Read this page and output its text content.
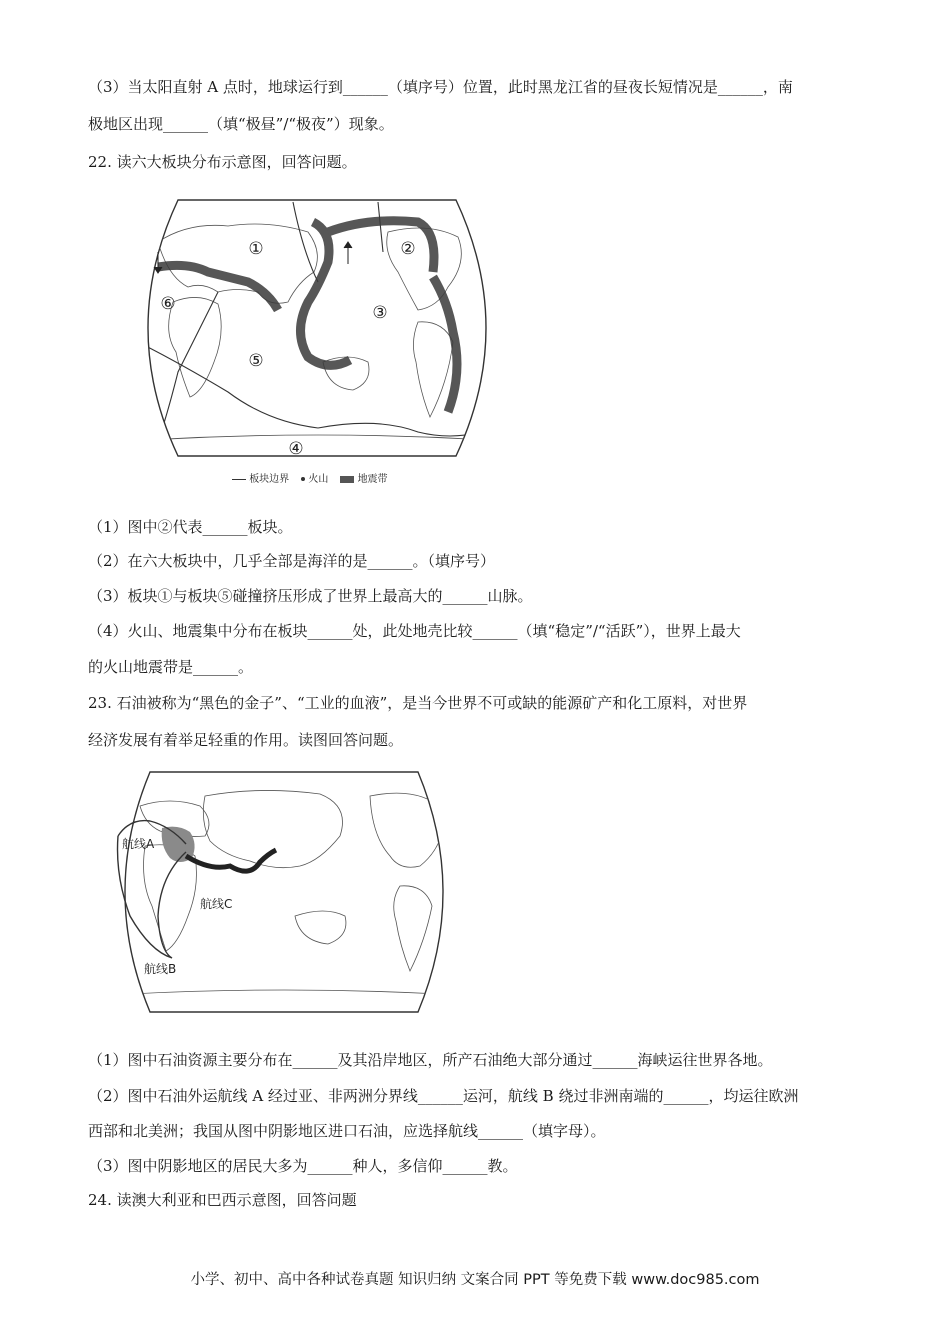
（3）当太阳直射 A 点时，地球运行到______（填序号）位置，此时黑龙江省的昼夜长短情况是______，南
极地区出现______（填“极昼”/“极夜”）现象。
22. 读六大板块分布示意图，回答问题。
①	②
③
④
⑤
⑥
板块边界	火山	地震带
（1）图中②代表______板块。
（2）在六大板块中，几乎全部是海洋的是______。（填序号）
（3）板块①与板块⑤碰撞挤压形成了世界上最高大的______山脉。
（4）火山、地震集中分布在板块______处，此处地壳比较______（填“稳定”/“活跃”），世界上最大
的火山地震带是______。
23. 石油被称为“黑色的金子”、“工业的血液”，是当今世界不可或缺的能源矿产和化工原料，对世界
经济发展有着举足轻重的作用。读图回答问题。
航线A
航线B
航线C
（1）图中石油资源主要分布在______及其沿岸地区，所产石油绝大部分通过______海峡运往世界各地。
（2）图中石油外运航线 A 经过亚、非两洲分界线______运河，航线 B 绕过非洲南端的______，均运往欧洲
西部和北美洲；我国从图中阴影地区进口石油，应选择航线______（填字母）。
（3）图中阴影地区的居民大多为______种人，多信仰______教。
24. 读澳大利亚和巴西示意图，回答问题
小学、初中、高中各种试卷真题 知识归纳 文案合同 PPT 等免费下载 www.doc985.com
